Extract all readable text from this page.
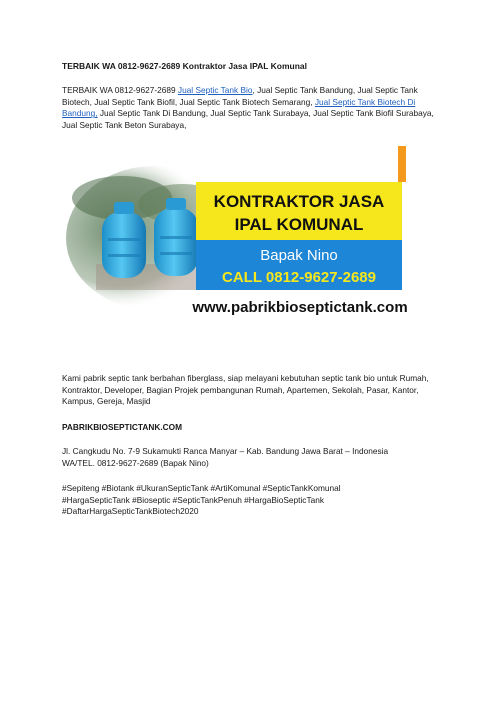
TERBAIK WA 0812-9627-2689 Kontraktor Jasa IPAL Komunal
TERBAIK WA 0812-9627-2689 Jual Septic Tank Bio, Jual Septic Tank Bandung, Jual Septic Tank Biotech, Jual Septic Tank Biofil, Jual Septic Tank Biotech Semarang, Jual Septic Tank Biotech Di Bandung, Jual Septic Tank Di Bandung, Jual Septic Tank Surabaya, Jual Septic Tank Biofil Surabaya, Jual Septic Tank Beton Surabaya,
KONTRAKTOR JASA
IPAL KOMUNAL
Bapak Nino
CALL 0812-9627-2689
www.pabrikbioseptictank.com
Kami pabrik septic tank berbahan fiberglass, siap melayani kebutuhan septic tank bio untuk Rumah, Kontraktor, Developer, Bagian Projek pembangunan Rumah, Apartemen, Sekolah, Pasar, Kantor, Kampus, Gereja, Masjid
PABRIKBIOSEPTICTANK.COM
Jl. Cangkudu No. 7-9 Sukamukti Ranca Manyar – Kab. Bandung Jawa Barat – Indonesia
WA/TEL. 0812-9627-2689 (Bapak Nino)
#Sepiteng #Biotank #UkuranSepticTank #ArtiKomunal #SepticTankKomunal
#HargaSepticTank #Bioseptic #SepticTankPenuh #HargaBioSepticTank
#DaftarHargaSepticTankBiotech2020
